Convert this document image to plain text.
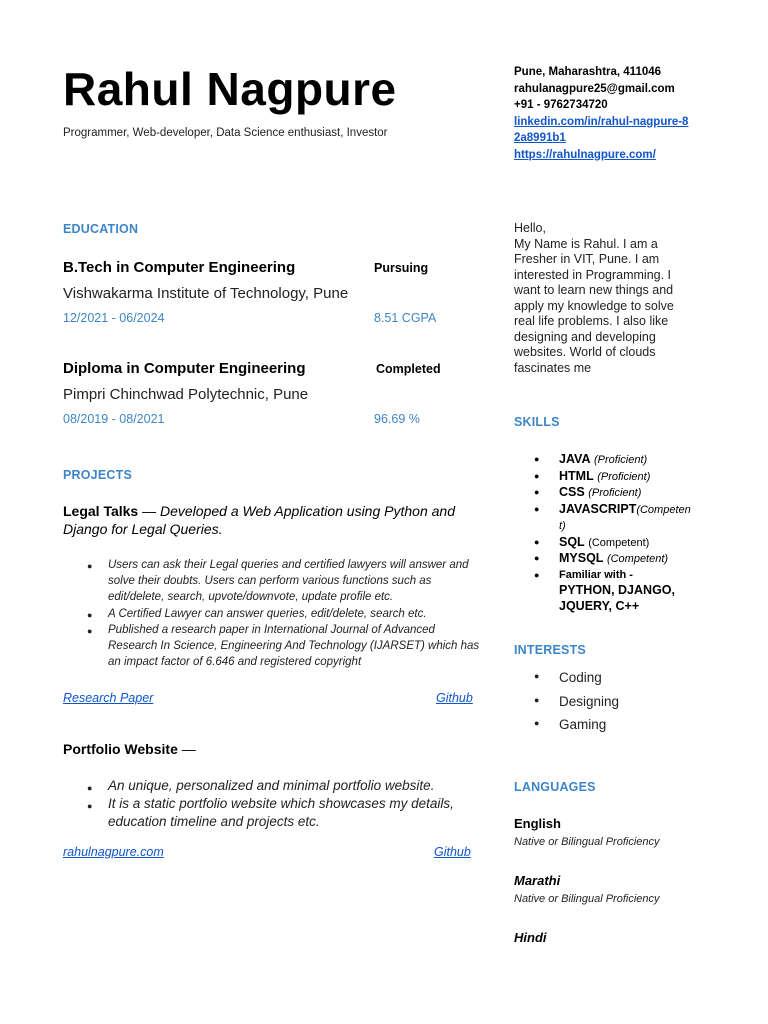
Rahul Nagpure
Programmer, Web-developer, Data Science enthusiast, Investor
Pune, Maharashtra, 411046
rahulanagpure25@gmail.com
+91 - 9762734720
linkedin.com/in/rahul-nagpure-82a8991b1
https://rahulnagpure.com/
EDUCATION
B.Tech in Computer Engineering	Pursuing
Vishwakarma Institute of Technology, Pune
12/2021 - 06/2024	8.51 CGPA
Diploma in Computer Engineering	Completed
Pimpri Chinchwad Polytechnic, Pune
08/2019 - 08/2021	96.69 %
PROJECTS
Legal Talks — Developed a Web Application using Python and Django for Legal Queries.
● Users can ask their Legal queries and certified lawyers will answer and solve their doubts. Users can perform various functions such as edit/delete, search, upvote/downvote, update profile etc.
● A Certified Lawyer can answer queries, edit/delete, search etc.
● Published a research paper in International Journal of Advanced Research In Science, Engineering And Technology (IJARSET) which has an impact factor of 6.646 and registered copyright
Research Paper	Github
Portfolio Website —
● An unique, personalized and minimal portfolio website.
● It is a static portfolio website which showcases my details, education timeline and projects etc.
rahulnagpure.com	Github
Hello,
My Name is Rahul. I am a Fresher in VIT, Pune. I am interested in Programming. I want to learn new things and apply my knowledge to solve real life problems. I also like designing and developing websites. World of clouds fascinates me
SKILLS
● JAVA (Proficient)
● HTML (Proficient)
● CSS (Proficient)
● JAVASCRIPT(Competent)
● SQL (Competent)
● MYSQL (Competent)
● Familiar with -
PYTHON, DJANGO, JQUERY, C++
INTERESTS
● Coding
● Designing
● Gaming
LANGUAGES
English
Native or Bilingual Proficiency
Marathi
Native or Bilingual Proficiency
Hindi
